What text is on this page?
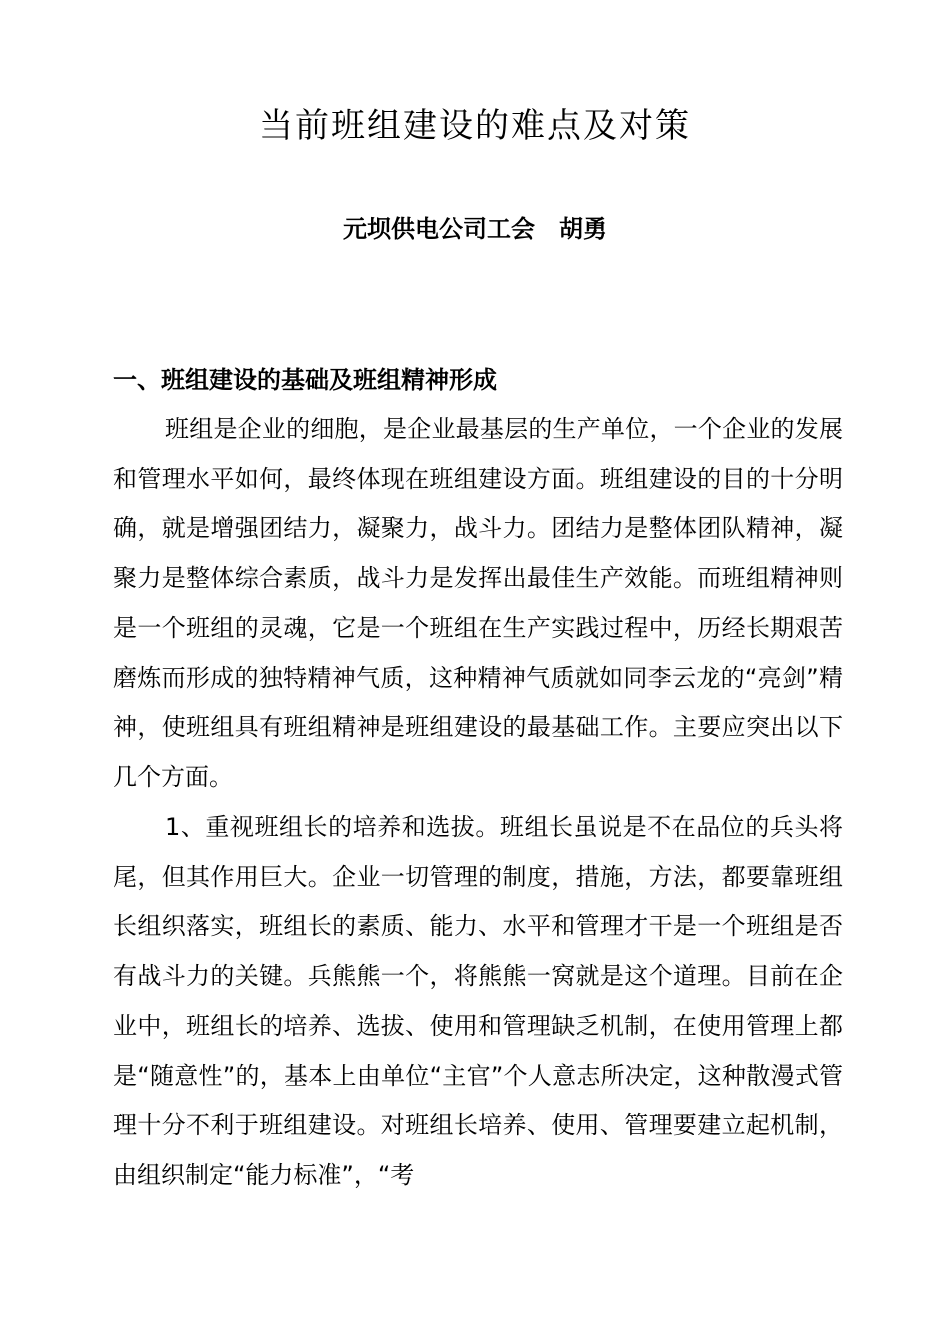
当前班组建设的难点及对策

元坝供电公司工会　胡勇

一、班组建设的基础及班组精神形成

班组是企业的细胞，是企业最基层的生产单位，一个企业的发展和管理水平如何，最终体现在班组建设方面。班组建设的目的十分明确，就是增强团结力，凝聚力，战斗力。团结力是整体团队精神，凝聚力是整体综合素质，战斗力是发挥出最佳生产效能。而班组精神则是一个班组的灵魂，它是一个班组在生产实践过程中，历经长期艰苦磨炼而形成的独特精神气质，这种精神气质就如同李云龙的“亮剑”精神，使班组具有班组精神是班组建设的最基础工作。主要应突出以下几个方面。

1、重视班组长的培养和选拔。班组长虽说是不在品位的兵头将尾，但其作用巨大。企业一切管理的制度，措施，方法，都要靠班组长组织落实，班组长的素质、能力、水平和管理才干是一个班组是否有战斗力的关键。兵熊熊一个，将熊熊一窝就是这个道理。目前在企业中，班组长的培养、选拔、使用和管理缺乏机制，在使用管理上都是“随意性”的，基本上由单位“主官”个人意志所决定，这种散漫式管理十分不利于班组建设。对班组长培养、使用、管理要建立起机制，由组织制定“能力标准”，“考
